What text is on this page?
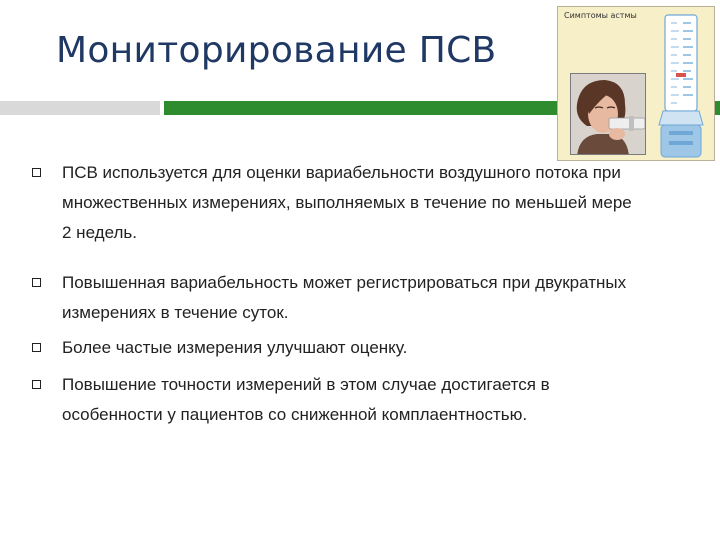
Мониторирование ПСВ
Симптомы астмы
ПСВ используется для оценки вариабельности воздушного потока при множественных измерениях, выполняемых в течение по меньшей мере 2 недель.
Повышенная вариабельность может регистрироваться при двукратных измерениях в течение суток.
Более частые измерения улучшают оценку.
Повышение точности измерений в этом случае достигается в особенности у пациентов со сниженной комплаентностью.
